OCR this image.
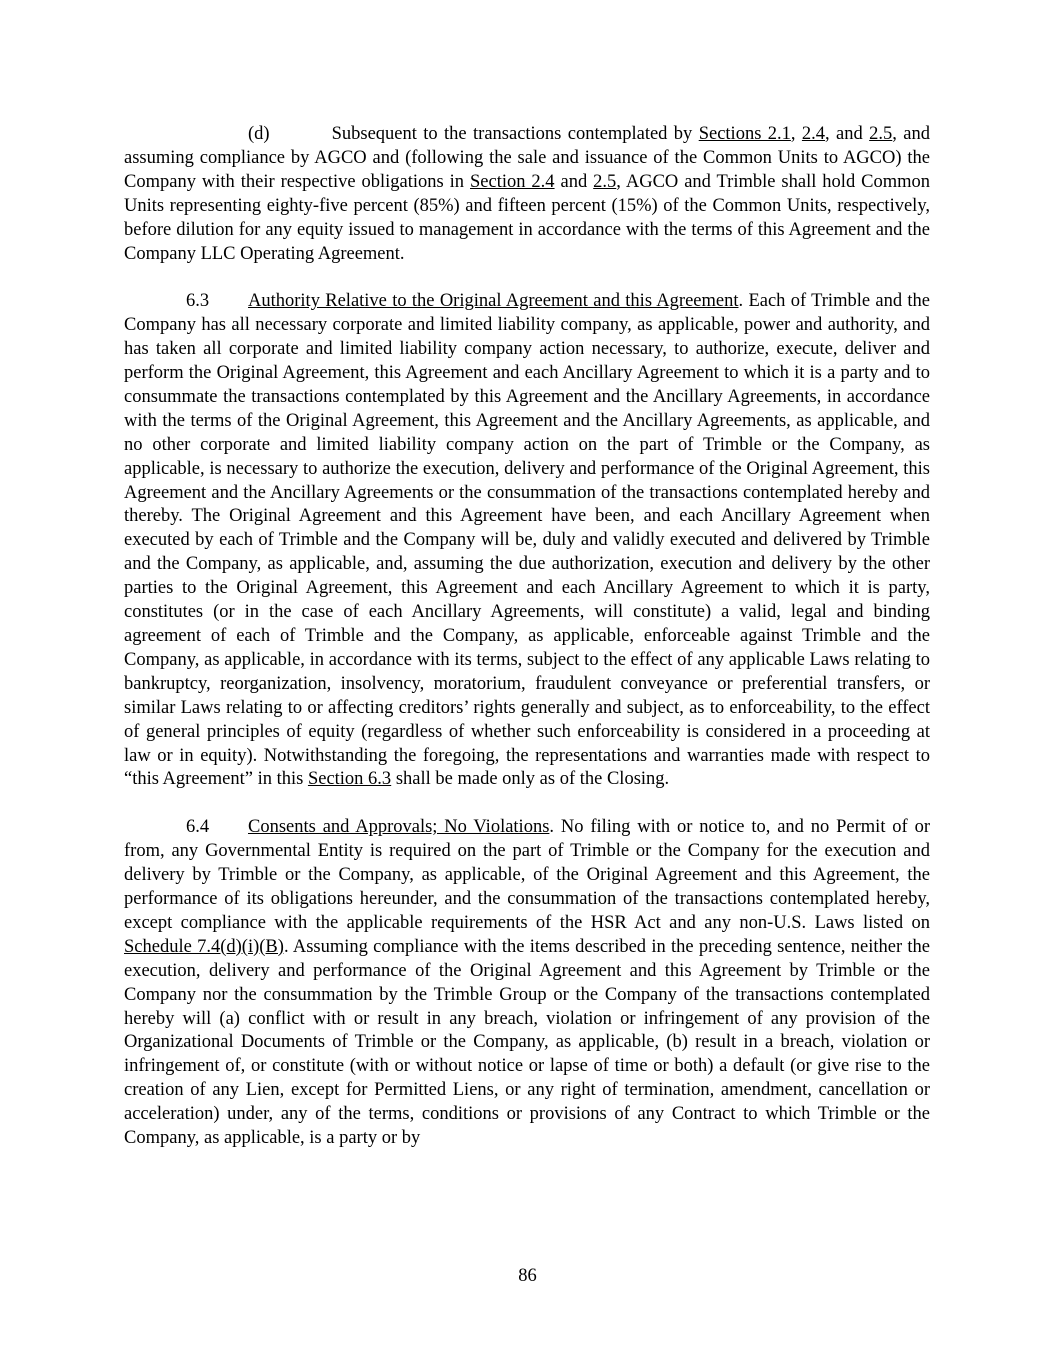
(d)	Subsequent to the transactions contemplated by Sections 2.1, 2.4, and 2.5, and assuming compliance by AGCO and (following the sale and issuance of the Common Units to AGCO) the Company with their respective obligations in Section 2.4 and 2.5, AGCO and Trimble shall hold Common Units representing eighty-five percent (85%) and fifteen percent (15%) of the Common Units, respectively, before dilution for any equity issued to management in accordance with the terms of this Agreement and the Company LLC Operating Agreement.

6.3 Authority Relative to the Original Agreement and this Agreement. Each of Trimble and the Company has all necessary corporate and limited liability company, as applicable, power and authority, and has taken all corporate and limited liability company action necessary, to authorize, execute, deliver and perform the Original Agreement, this Agreement and each Ancillary Agreement to which it is a party and to consummate the transactions contemplated by this Agreement and the Ancillary Agreements, in accordance with the terms of the Original Agreement, this Agreement and the Ancillary Agreements, as applicable, and no other corporate and limited liability company action on the part of Trimble or the Company, as applicable, is necessary to authorize the execution, delivery and performance of the Original Agreement, this Agreement and the Ancillary Agreements or the consummation of the transactions contemplated hereby and thereby. The Original Agreement and this Agreement have been, and each Ancillary Agreement when executed by each of Trimble and the Company will be, duly and validly executed and delivered by Trimble and the Company, as applicable, and, assuming the due authorization, execution and delivery by the other parties to the Original Agreement, this Agreement and each Ancillary Agreement to which it is party, constitutes (or in the case of each Ancillary Agreements, will constitute) a valid, legal and binding agreement of each of Trimble and the Company, as applicable, enforceable against Trimble and the Company, as applicable, in accordance with its terms, subject to the effect of any applicable Laws relating to bankruptcy, reorganization, insolvency, moratorium, fraudulent conveyance or preferential transfers, or similar Laws relating to or affecting creditors’ rights generally and subject, as to enforceability, to the effect of general principles of equity (regardless of whether such enforceability is considered in a proceeding at law or in equity). Notwithstanding the foregoing, the representations and warranties made with respect to “this Agreement” in this Section 6.3 shall be made only as of the Closing.

6.4 Consents and Approvals; No Violations. No filing with or notice to, and no Permit of or from, any Governmental Entity is required on the part of Trimble or the Company for the execution and delivery by Trimble or the Company, as applicable, of the Original Agreement and this Agreement, the performance of its obligations hereunder, and the consummation of the transactions contemplated hereby, except compliance with the applicable requirements of the HSR Act and any non-U.S. Laws listed on Schedule 7.4(d)(i)(B). Assuming compliance with the items described in the preceding sentence, neither the execution, delivery and performance of the Original Agreement and this Agreement by Trimble or the Company nor the consummation by the Trimble Group or the Company of the transactions contemplated hereby will (a) conflict with or result in any breach, violation or infringement of any provision of the Organizational Documents of Trimble or the Company, as applicable, (b) result in a breach, violation or infringement of, or constitute (with or without notice or lapse of time or both) a default (or give rise to the creation of any Lien, except for Permitted Liens, or any right of termination, amendment, cancellation or acceleration) under, any of the terms, conditions or provisions of any Contract to which Trimble or the Company, as applicable, is a party or by

86
